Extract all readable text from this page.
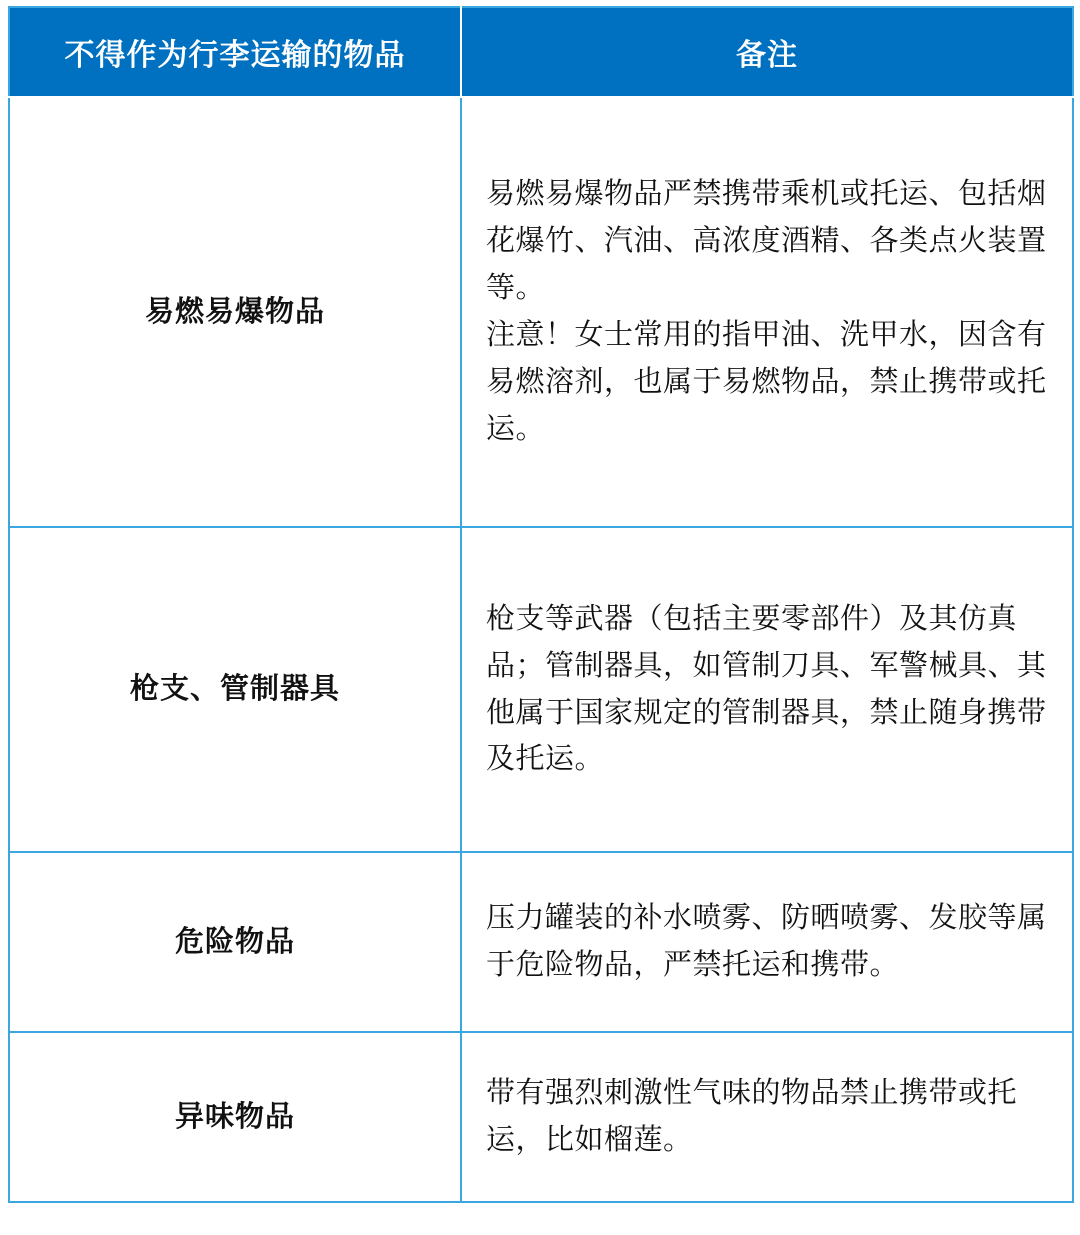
不得作为行李运输的物品	备注
易燃易爆物品	易燃易爆物品严禁携带乘机或托运、包括烟花爆竹、汽油、高浓度酒精、各类点火装置等。
注意！女士常用的指甲油、洗甲水，因含有易燃溶剂，也属于易燃物品，禁止携带或托运。

枪支、管制器具	枪支等武器（包括主要零部件）及其仿真品；管制器具，如管制刀具、军警械具、其他属于国家规定的管制器具，禁止随身携带及托运。

危险物品	压力罐装的补水喷雾、防晒喷雾、发胶等属于危险物品，严禁托运和携带。

异味物品	带有强烈刺激性气味的物品禁止携带或托运，比如榴莲。
